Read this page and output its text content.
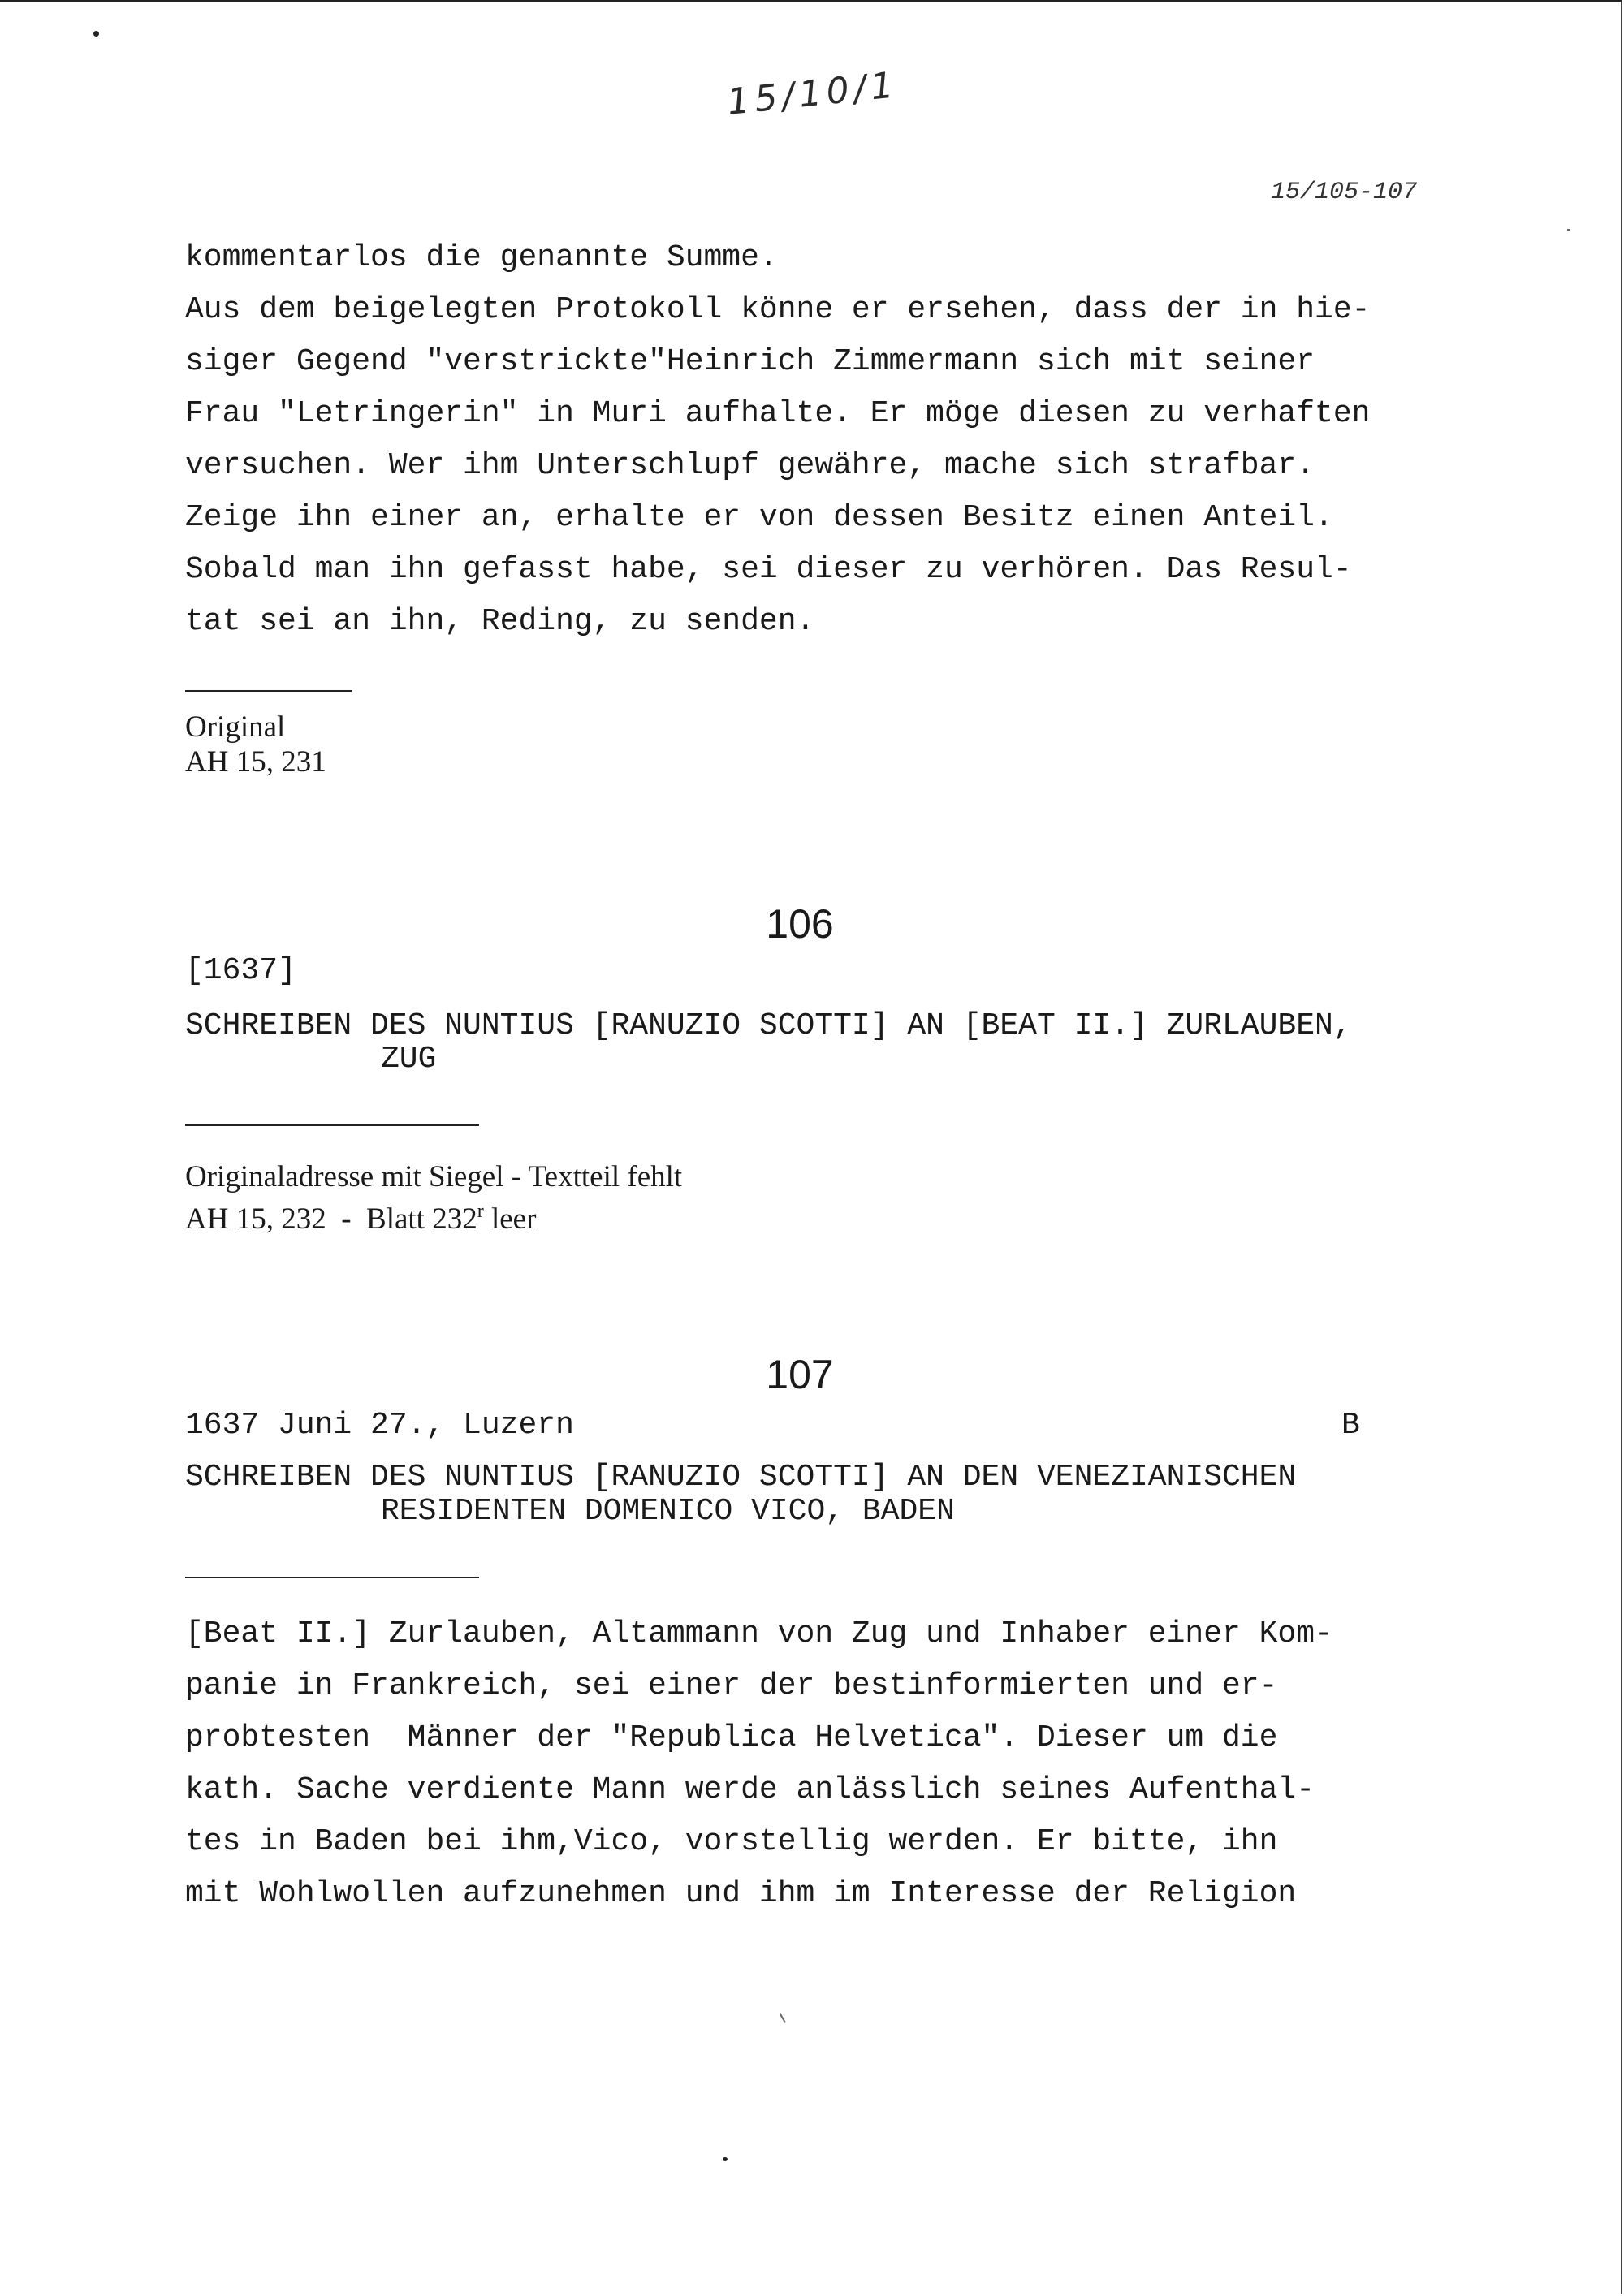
15/10/1
15/105-107
kommentarlos die genannte Summe.
Aus dem beigelegten Protokoll könne er ersehen, dass der in hie-
siger Gegend "verstrickte"Heinrich Zimmermann sich mit seiner
Frau "Letringerin" in Muri aufhalte. Er möge diesen zu verhaften
versuchen. Wer ihm Unterschlupf gewähre, mache sich strafbar.
Zeige ihn einer an, erhalte er von dessen Besitz einen Anteil.
Sobald man ihn gefasst habe, sei dieser zu verhören. Das Resul-
tat sei an ihn, Reding, zu senden.
Original
AH 15, 231
106
[1637]
SCHREIBEN DES NUNTIUS [RANUZIO SCOTTI] AN [BEAT II.] ZURLAUBEN,
ZUG
Originaladresse mit Siegel - Textteil fehlt
AH 15, 232  -  Blatt 232$^r$ leer
107
1637 Juni 27., Luzern	B
SCHREIBEN DES NUNTIUS [RANUZIO SCOTTI] AN DEN VENEZIANISCHEN
RESIDENTEN DOMENICO VICO, BADEN
[Beat II.] Zurlauben, Altammann von Zug und Inhaber einer Kom-
panie in Frankreich, sei einer der bestinformierten und er-
probtesten  Männer der "Republica Helvetica". Dieser um die
kath. Sache verdiente Mann werde anlässlich seines Aufenthal-
tes in Baden bei ihm,Vico, vorstellig werden. Er bitte, ihn
mit Wohlwollen aufzunehmen und ihm im Interesse der Religion
